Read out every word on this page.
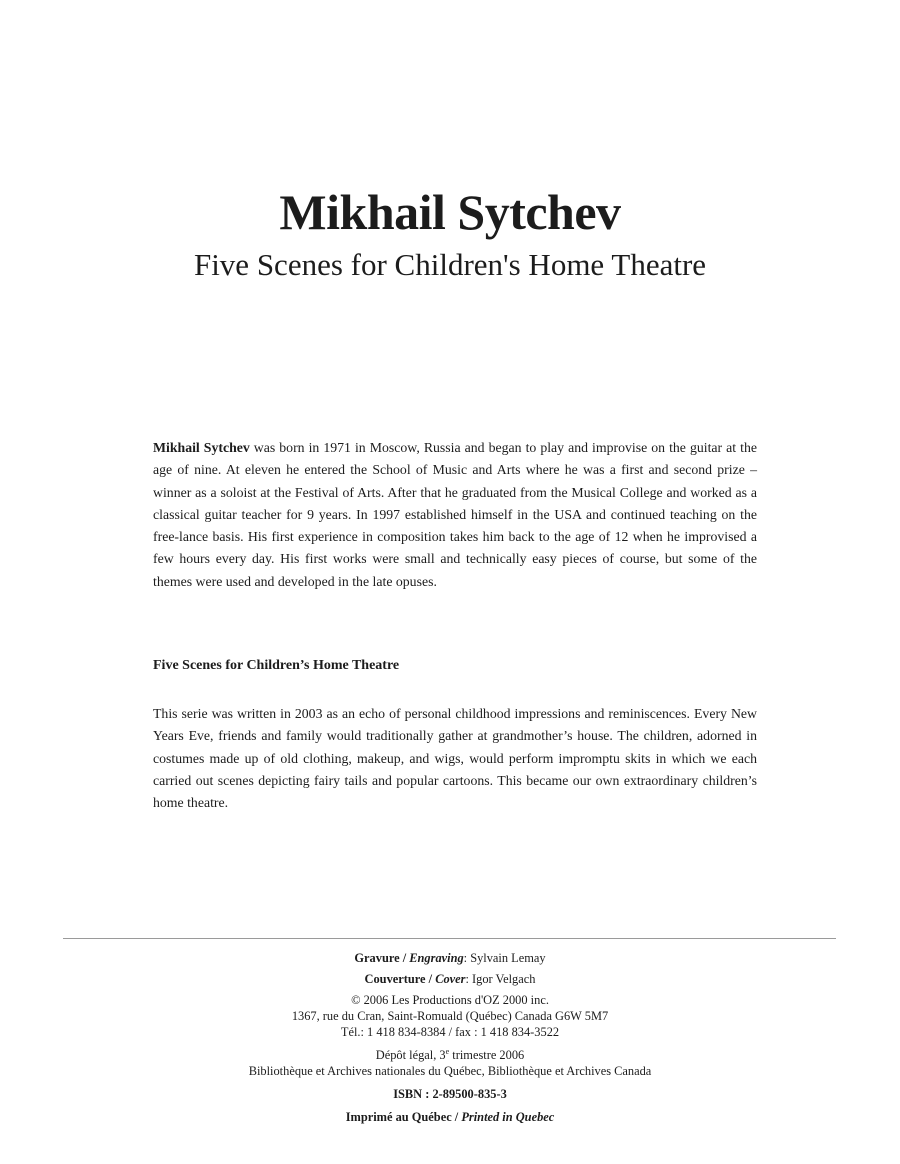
Mikhail Sytchev
Five Scenes for Children's Home Theatre

Mikhail Sytchev was born in 1971 in Moscow, Russia and began to play and improvise on the guitar at the age of nine. At eleven he entered the School of Music and Arts where he was a first and second prize – winner as a soloist at the Festival of Arts. After that he graduated from the Musical College and worked as a classical guitar teacher for 9 years. In 1997 established himself in the USA and continued teaching on the free-lance basis. His first experience in composition takes him back to the age of 12 when he improvised a few hours every day. His first works were small and technically easy pieces of course, but some of the themes were used and developed in the late opuses.

Five Scenes for Children’s Home Theatre

This serie was written in 2003 as an echo of personal childhood impressions and reminiscences. Every New Years Eve, friends and family would traditionally gather at grandmother’s house. The children, adorned in costumes made up of old clothing, makeup, and wigs, would perform impromptu skits in which we each carried out scenes depicting fairy tails and popular cartoons. This became our own extraordinary children’s home theatre.

Gravure / Engraving: Sylvain Lemay
Couverture / Cover: Igor Velgach
© 2006 Les Productions d'OZ 2000 inc.
1367, rue du Cran, Saint-Romuald (Québec) Canada G6W 5M7
Tél.: 1 418 834-8384 / fax : 1 418 834-3522
Dépôt légal, 3e trimestre 2006
Bibliothèque et Archives nationales du Québec, Bibliothèque et Archives Canada
ISBN : 2-89500-835-3
Imprimé au Québec / Printed in Quebec
